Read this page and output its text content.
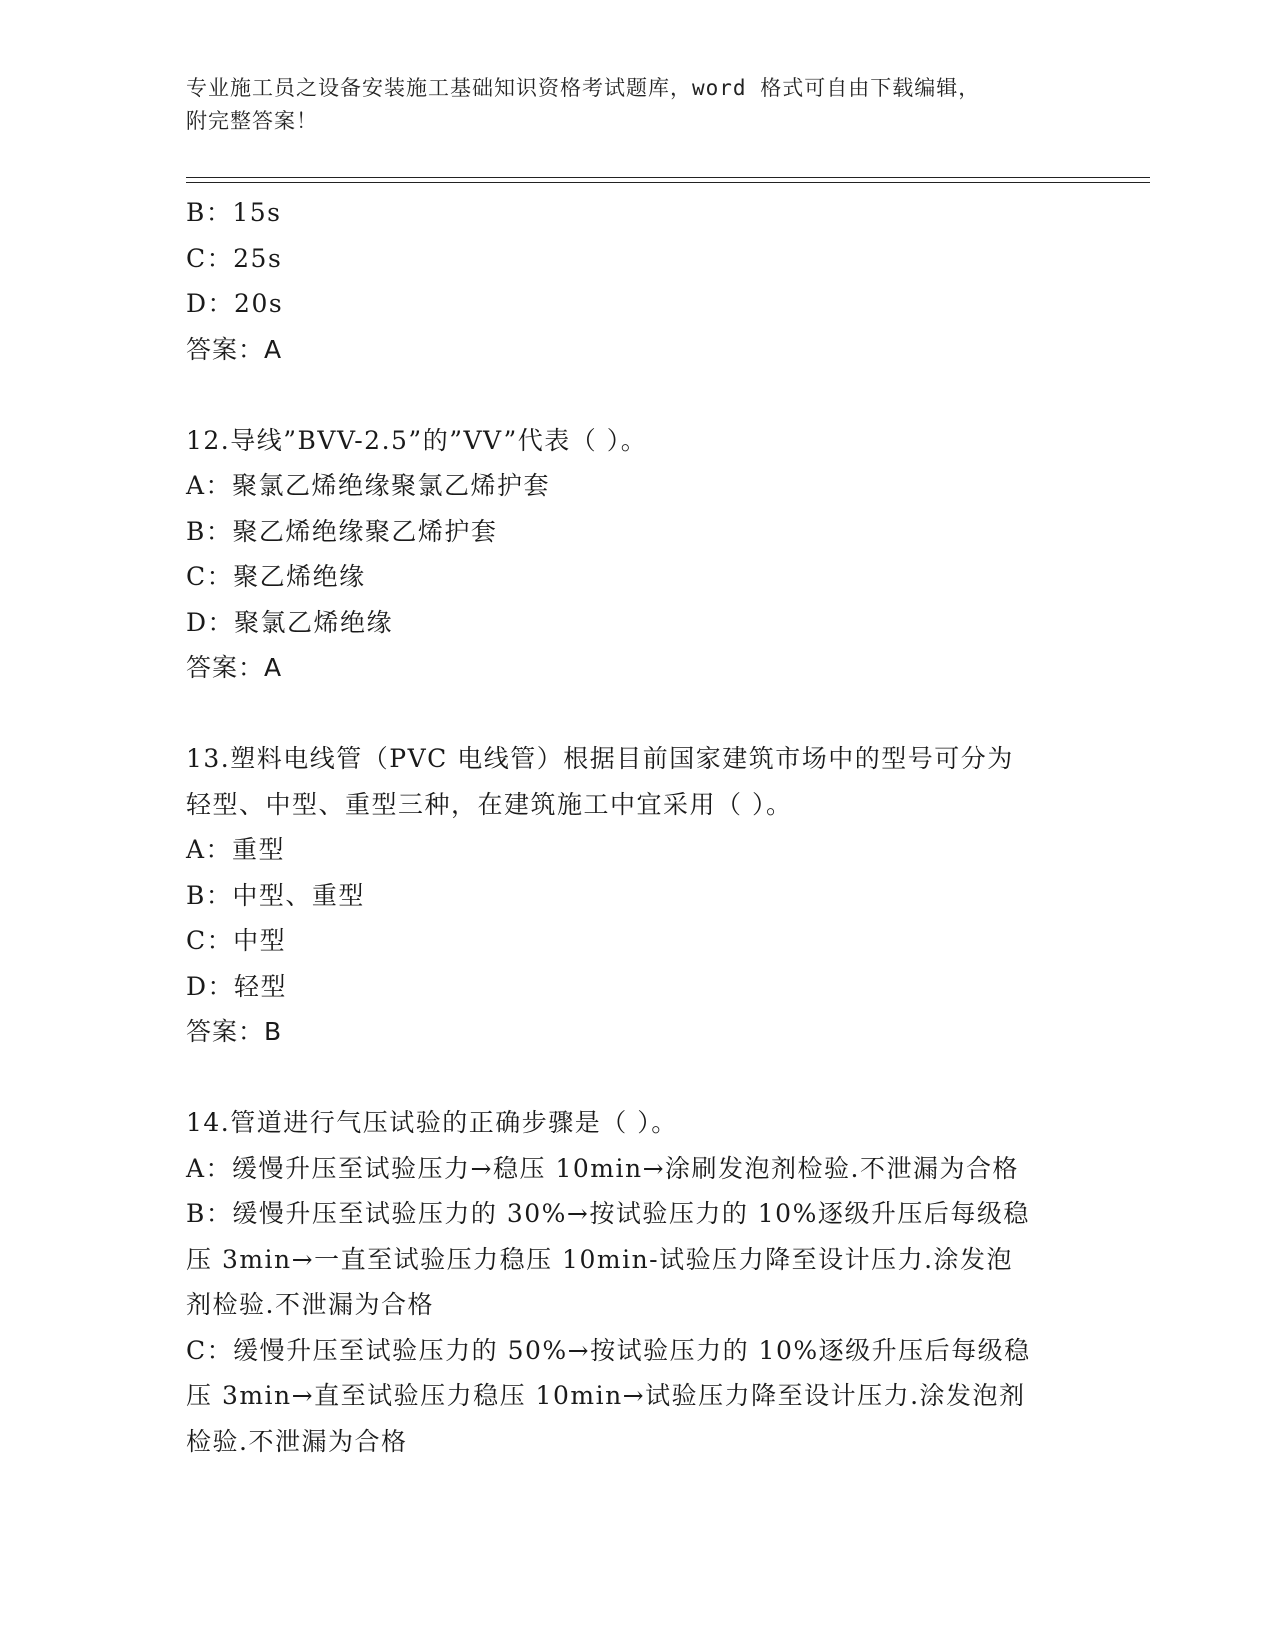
专业施工员之设备安装施工基础知识资格考试题库，word 格式可自由下载编辑，
附完整答案！
B：15s
C：25s
D：20s
答案：A
12.导线”BVV-2.5”的”VV”代表（ ）。
A：聚氯乙烯绝缘聚氯乙烯护套
B：聚乙烯绝缘聚乙烯护套
C：聚乙烯绝缘
D：聚氯乙烯绝缘
答案：A
13.塑料电线管（PVC 电线管）根据目前国家建筑市场中的型号可分为
轻型、中型、重型三种，在建筑施工中宜采用（ ）。
A：重型
B：中型、重型
C：中型
D：轻型
答案：B
14.管道进行气压试验的正确步骤是（ ）。
A：缓慢升压至试验压力→稳压 10min→涂刷发泡剂检验.不泄漏为合格
B：缓慢升压至试验压力的 30%→按试验压力的 10%逐级升压后每级稳
压 3min→一直至试验压力稳压 10min-试验压力降至设计压力.涂发泡
剂检验.不泄漏为合格
C：缓慢升压至试验压力的 50%→按试验压力的 10%逐级升压后每级稳
压 3min→直至试验压力稳压 10min→试验压力降至设计压力.涂发泡剂
检验.不泄漏为合格
